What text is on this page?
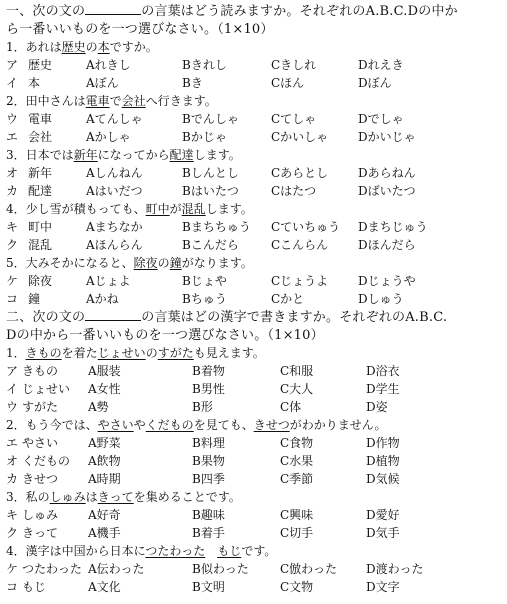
一、次の文の	の言葉はどう読みますか。それぞれのA.B.C.Dの中か
ら一番いいものを一つ選びなさい。（1×10）
1．あれは歴史の本ですか。
ア 歴史	Aれきし	Bきれし	Cきしれ	Dれえき
イ 本	Aぼん	Bき	Cほん	Dぼん
2．田中さんは電車で会社へ行きます。
ウ 電車	Aてんしゃ	Bでんしゃ	Cてしゃ	Dでしゃ
エ 会社	Aかしゃ	Bかじゃ	Cかいしゃ Dかいじゃ
3．日本では新年になってから配達します。
オ 新年	Aしんねん	Bしんとし	Cあらとし Dあらねん
カ 配達	Aはいだつ	Bはいたつ	Cはたつ	Dばいたつ
4．少し雪が積もっても、町中が混乱します。
キ 町中	Aまちなか	Bまちちゅう Cていちゅう Dまちじゅう
ク 混乱	Aほんらん	Bこんだら	Cこんらん Dほんだら
5．大みそかになると、除夜の鐘がなります。
ケ 除夜	Aじょよ	Bじょや	Cじょうよ Dじょうや
コ 鐘	Aかね	Bちゅう	Cかと	Dしゅう
二、次の文の	の言葉はどの漢字で書きますか。それぞれのA.B.C.
Dの中から一番いいものを一つ選びなさい。（1×10）
1．きものを着たじょせいのすがたも見えます。
ア きもの A服装	B着物	C和服	D浴衣
イ じょせい A女性	B男性	C大人	D学生
ウ すがた A勢	B形	C体	D姿
2．もう今では、やさいやくだものを見ても、きせつがわかりません。
エ やさい A野菜	B料理	C食物	D作物
オ くだもの A飲物	B果物	C水果	D植物
カ きせつ A時期	B四季	C季節	D気候
3．私のしゅみはきってを集めることです。
キ しゅみ A好奇	B趣味	C興味	D愛好
ク きって A機手	B着手	C切手	D気手
4．漢字は中国から日本につたわった　 もじです。
ケ つたわった A伝わった	B似わった	C倣わった D渡わった
コ もじ	A文化	B文明	C文物	D文字
